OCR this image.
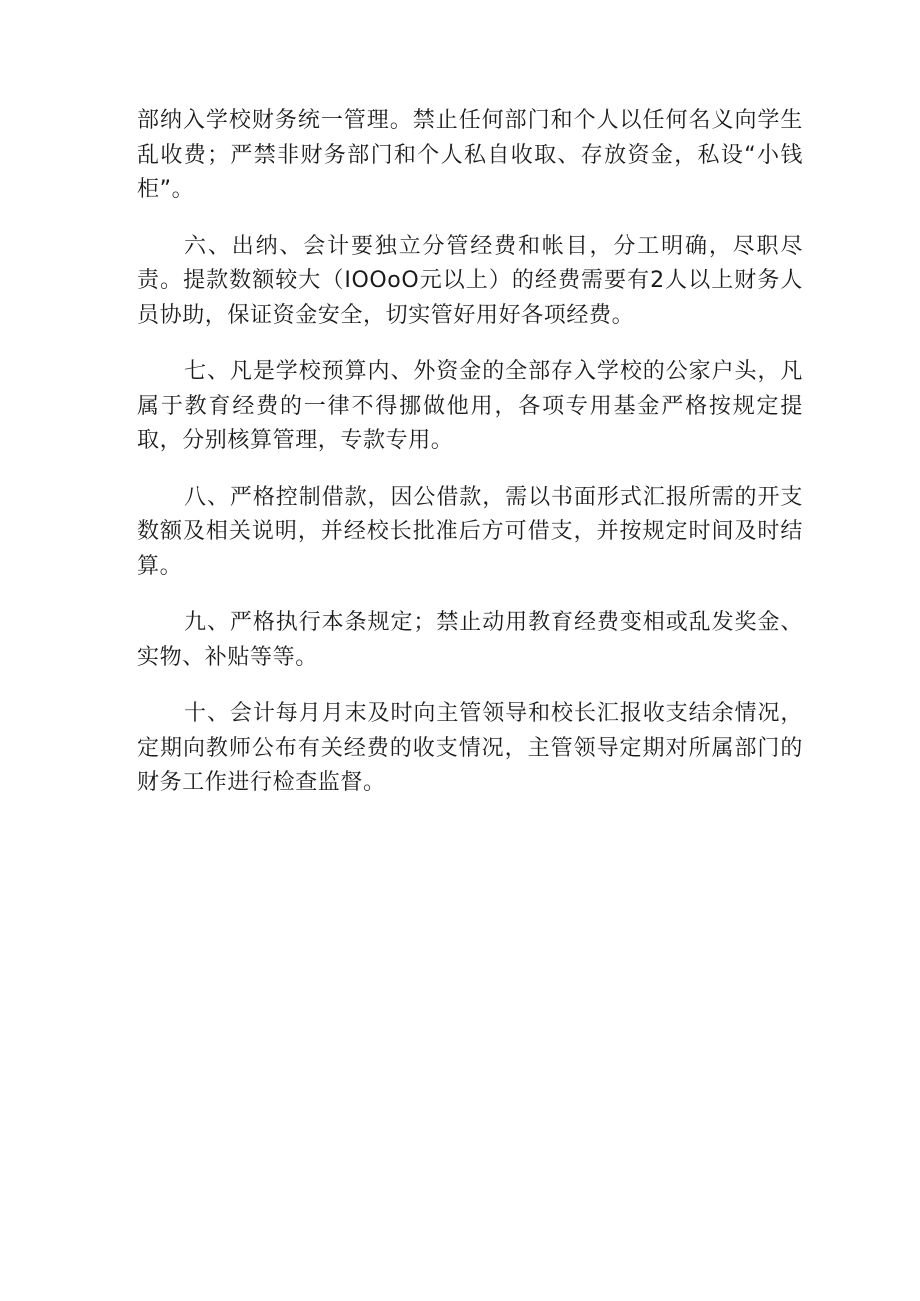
部纳入学校财务统一管理。禁止任何部门和个人以任何名义向学生乱收费；严禁非财务部门和个人私自收取、存放资金，私设“小钱柜”。

六、出纳、会计要独立分管经费和帐目，分工明确，尽职尽责。提款数额较大（IOOoO元以上）的经费需要有2人以上财务人员协助，保证资金安全，切实管好用好各项经费。

七、凡是学校预算内、外资金的全部存入学校的公家户头，凡属于教育经费的一律不得挪做他用，各项专用基金严格按规定提取，分别核算管理，专款专用。

八、严格控制借款，因公借款，需以书面形式汇报所需的开支数额及相关说明，并经校长批准后方可借支，并按规定时间及时结算。

九、严格执行本条规定；禁止动用教育经费变相或乱发奖金、实物、补贴等等。

十、会计每月月末及时向主管领导和校长汇报收支结余情况，定期向教师公布有关经费的收支情况，主管领导定期对所属部门的财务工作进行检查监督。
